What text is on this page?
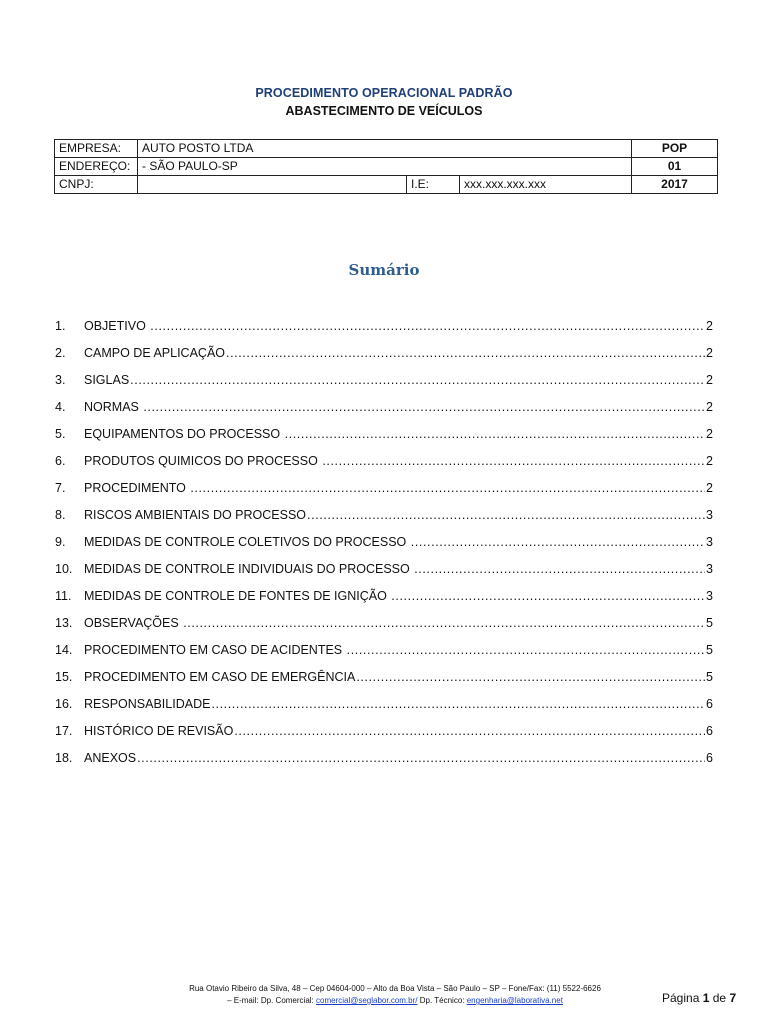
PROCEDIMENTO OPERACIONAL PADRÃO
ABASTECIMENTO DE VEÍCULOS
EMPRESA:	AUTO POSTO LTDA			POP
ENDEREÇO:	- SÃO PAULO-SP			01
CNPJ:		I.E:	xxx.xxx.xxx.xxx	2017
Sumário
1.	OBJETIVO .....	2
2.	CAMPO DE APLICAÇÃO .....	2
3.	SIGLAS .....	2
4.	NORMAS .....	2
5.	EQUIPAMENTOS DO PROCESSO .....	2
6.	PRODUTOS QUIMICOS DO PROCESSO .....	2
7.	PROCEDIMENTO .....	2
8.	RISCOS AMBIENTAIS DO PROCESSO .....	3
9.	MEDIDAS DE CONTROLE COLETIVOS DO PROCESSO .....	3
10. MEDIDAS DE CONTROLE INDIVIDUAIS DO PROCESSO .....	3
11.	MEDIDAS DE CONTROLE DE FONTES DE IGNIÇÃO .....	3
13. OBSERVAÇÕES .....	5
14. PROCEDIMENTO EM CASO DE ACIDENTES .....	5
15. PROCEDIMENTO EM CASO DE EMERGÊNCIA .....	5
16. RESPONSABILIDADE .....	6
17. HISTÓRICO DE REVISÃO .....	6
18. ANEXOS .....	6
Rua Otavio Ribeiro da Silva, 48 – Cep 04604-000 – Alto da Boa Vista – São Paulo – SP – Fone/Fax: (11) 5522-6626
– E-mail: Dp. Comercial: comercial@seglabor.com.br/ Dp. Técnico: engenharia@laborativa.net	Página 1 de 7
